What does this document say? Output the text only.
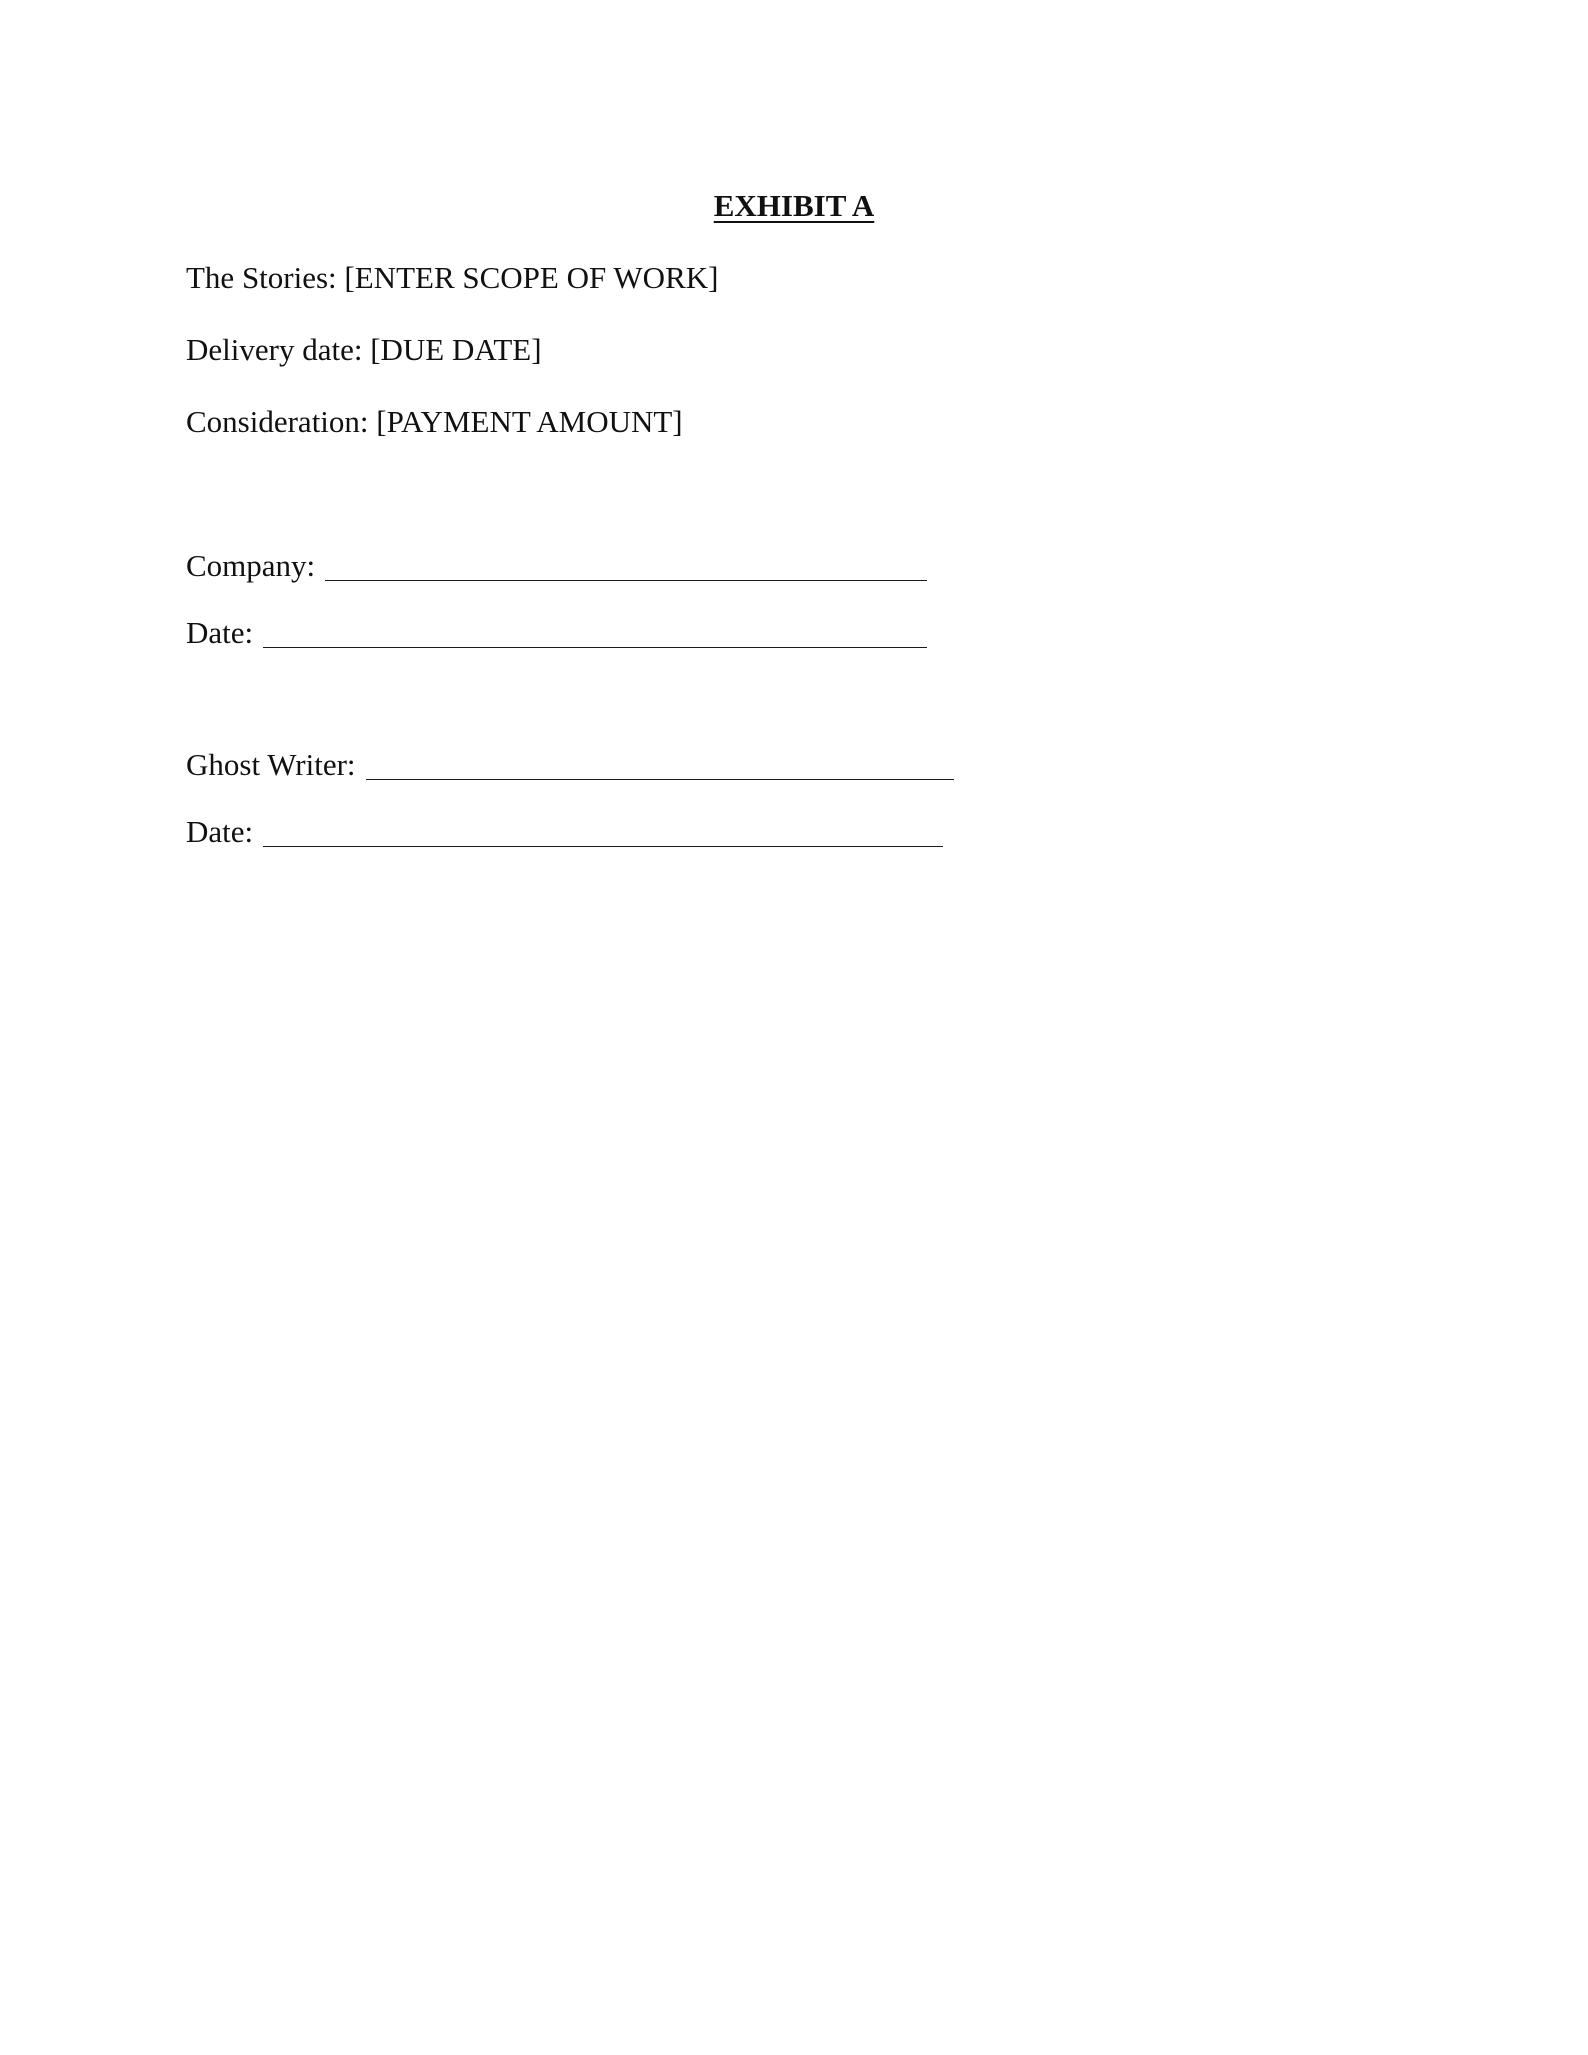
EXHIBIT A
The Stories: [ENTER SCOPE OF WORK]
Delivery date: [DUE DATE]
Consideration: [PAYMENT AMOUNT]
Company:
Date:
Ghost Writer:
Date:
